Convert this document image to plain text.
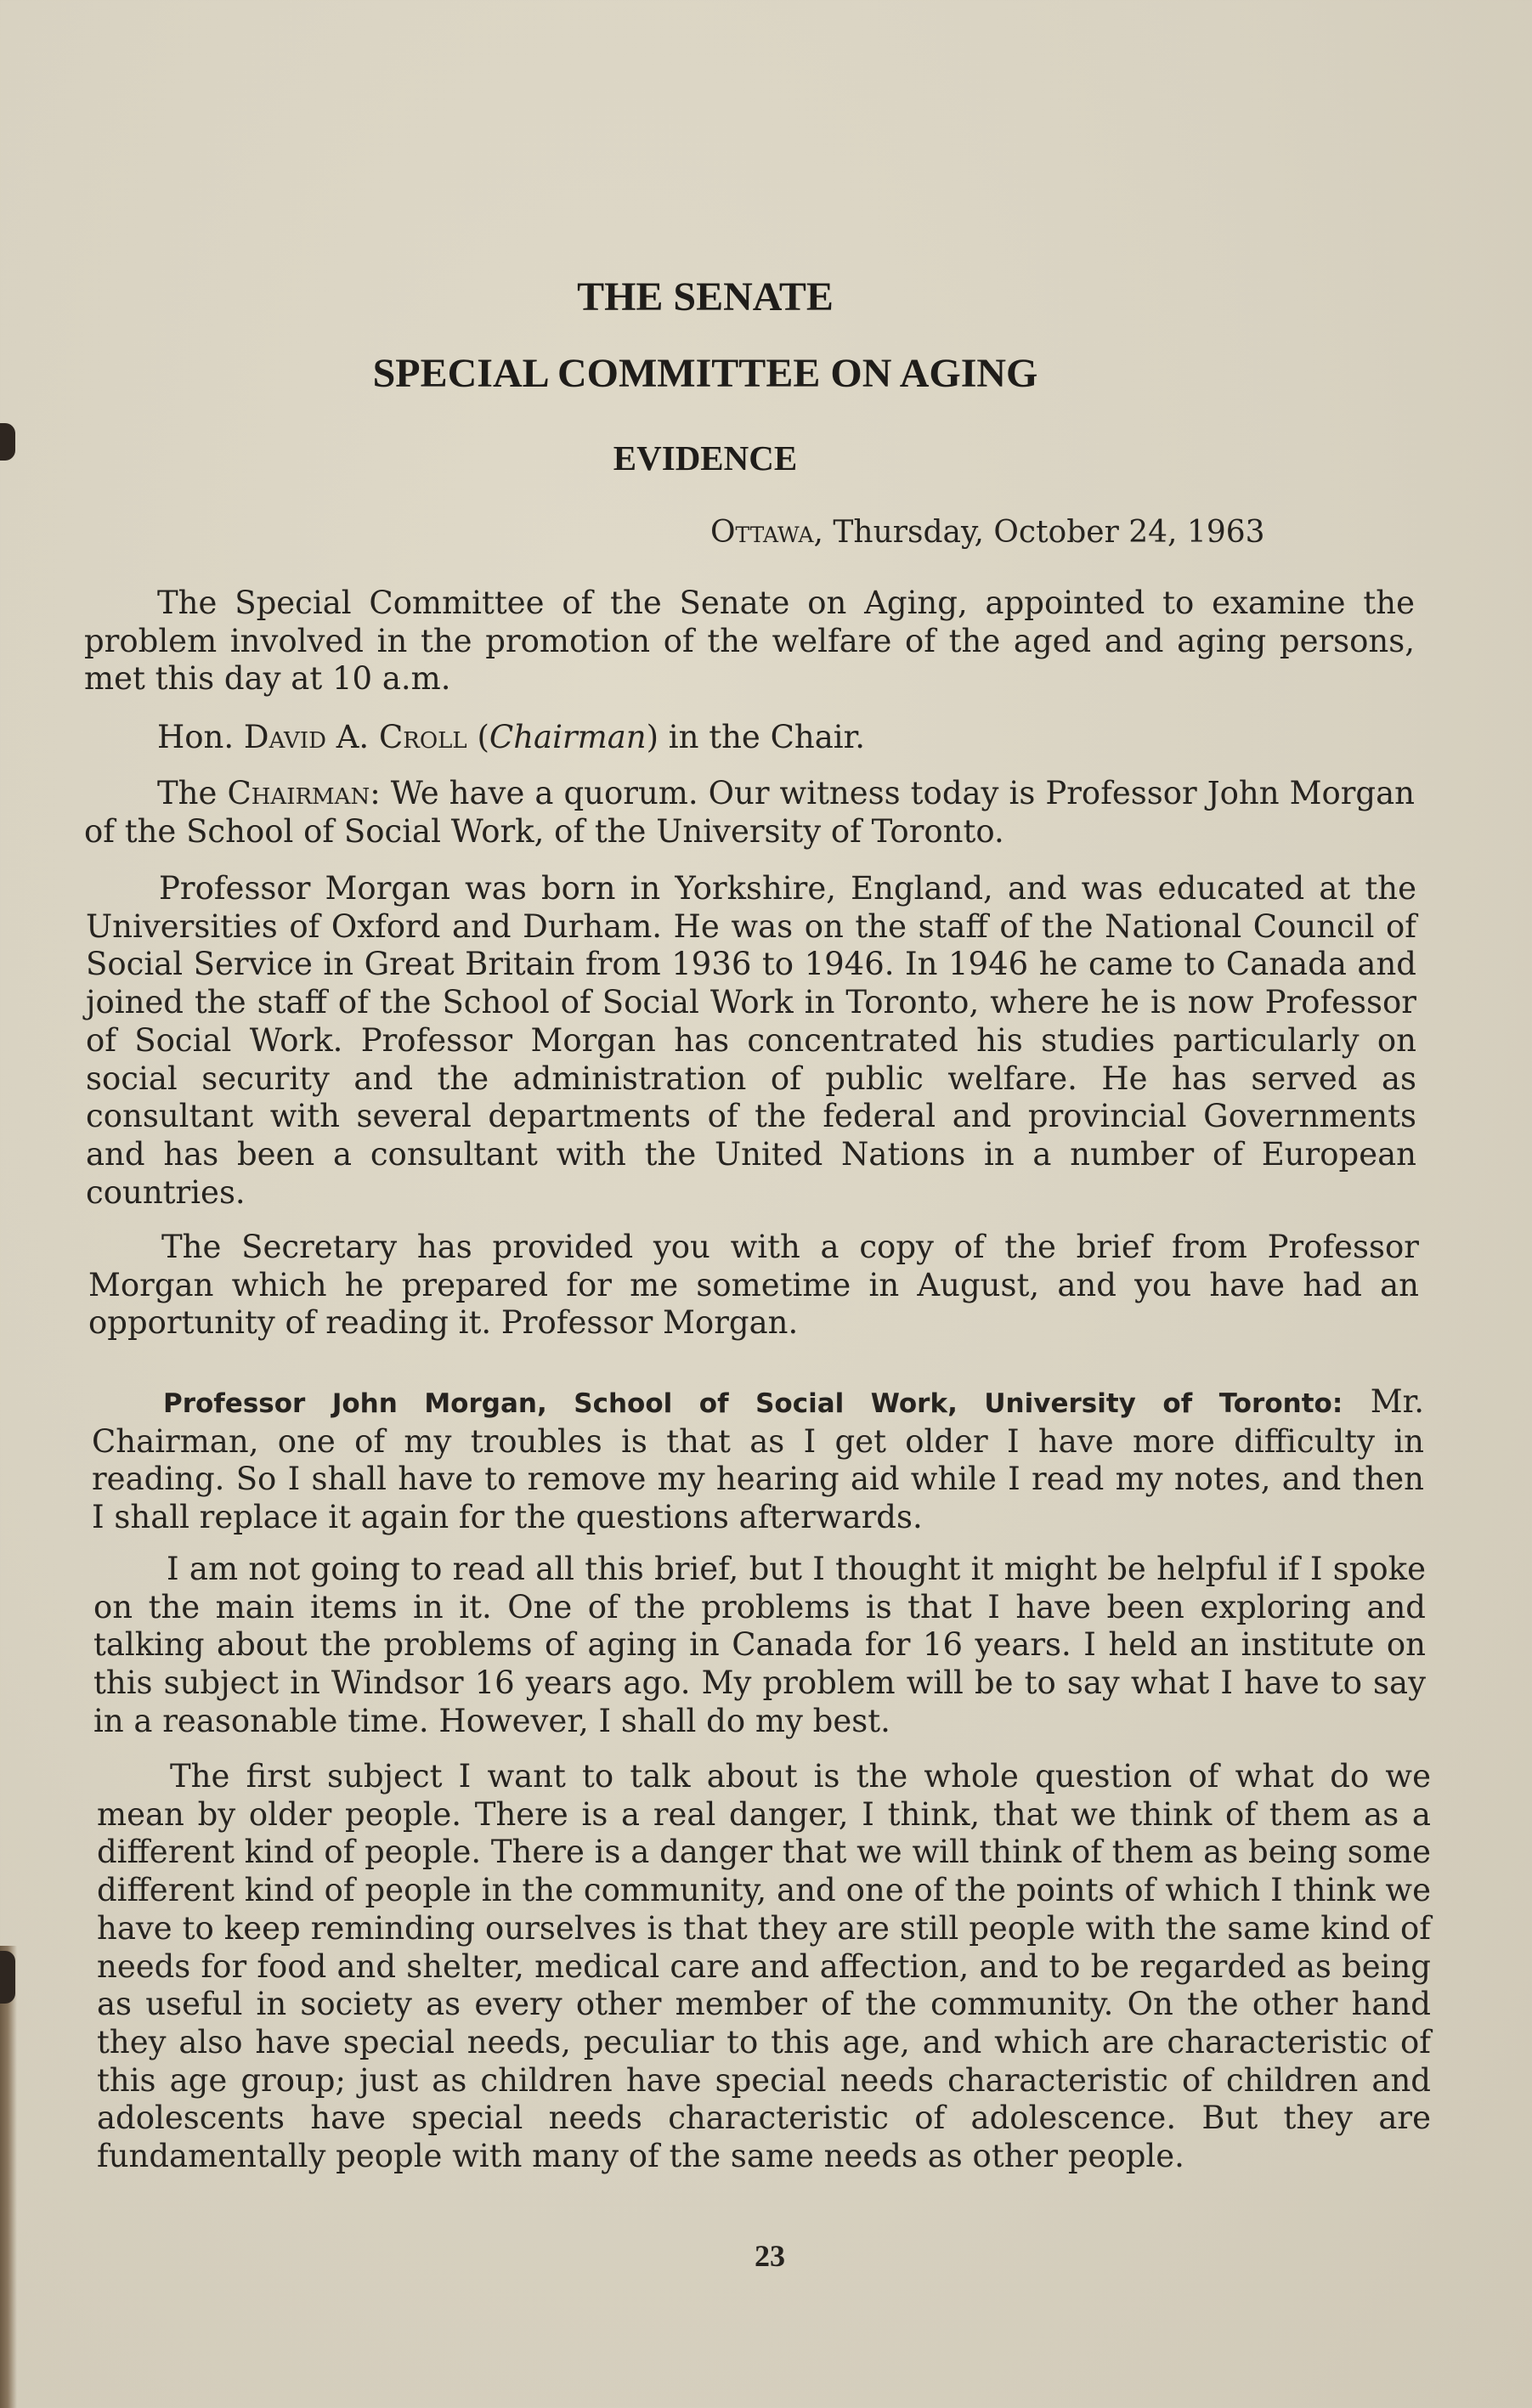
THE SENATE
SPECIAL COMMITTEE ON AGING
EVIDENCE
Ottawa, Thursday, October 24, 1963

The Special Committee of the Senate on Aging, appointed to examine the problem involved in the promotion of the welfare of the aged and aging persons, met this day at 10 a.m.

Hon. David A. Croll (Chairman) in the Chair.

The Chairman: We have a quorum. Our witness today is Professor John Morgan of the School of Social Work, of the University of Toronto.

Professor Morgan was born in Yorkshire, England, and was educated at the Universities of Oxford and Durham. He was on the staff of the National Council of Social Service in Great Britain from 1936 to 1946. In 1946 he came to Canada and joined the staff of the School of Social Work in Toronto, where he is now Professor of Social Work. Professor Morgan has concentrated his studies particularly on social security and the administration of public welfare. He has served as consultant with several departments of the federal and provincial Governments and has been a consultant with the United Nations in a number of European countries.

The Secretary has provided you with a copy of the brief from Professor Morgan which he prepared for me sometime in August, and you have had an opportunity of reading it. Professor Morgan.

Professor John Morgan, School of Social Work, University of Toronto: Mr. Chairman, one of my troubles is that as I get older I have more difficulty in reading. So I shall have to remove my hearing aid while I read my notes, and then I shall replace it again for the questions afterwards.

I am not going to read all this brief, but I thought it might be helpful if I spoke on the main items in it. One of the problems is that I have been exploring and talking about the problems of aging in Canada for 16 years. I held an institute on this subject in Windsor 16 years ago. My problem will be to say what I have to say in a reasonable time. However, I shall do my best.

The first subject I want to talk about is the whole question of what do we mean by older people. There is a real danger, I think, that we think of them as a different kind of people. There is a danger that we will think of them as being some different kind of people in the community, and one of the points of which I think we have to keep reminding ourselves is that they are still people with the same kind of needs for food and shelter, medical care and affection, and to be regarded as being as useful in society as every other member of the community. On the other hand they also have special needs, peculiar to this age, and which are characteristic of this age group; just as children have special needs characteristic of children and adolescents have special needs characteristic of adolescence. But they are fundamentally people with many of the same needs as other people.

23
